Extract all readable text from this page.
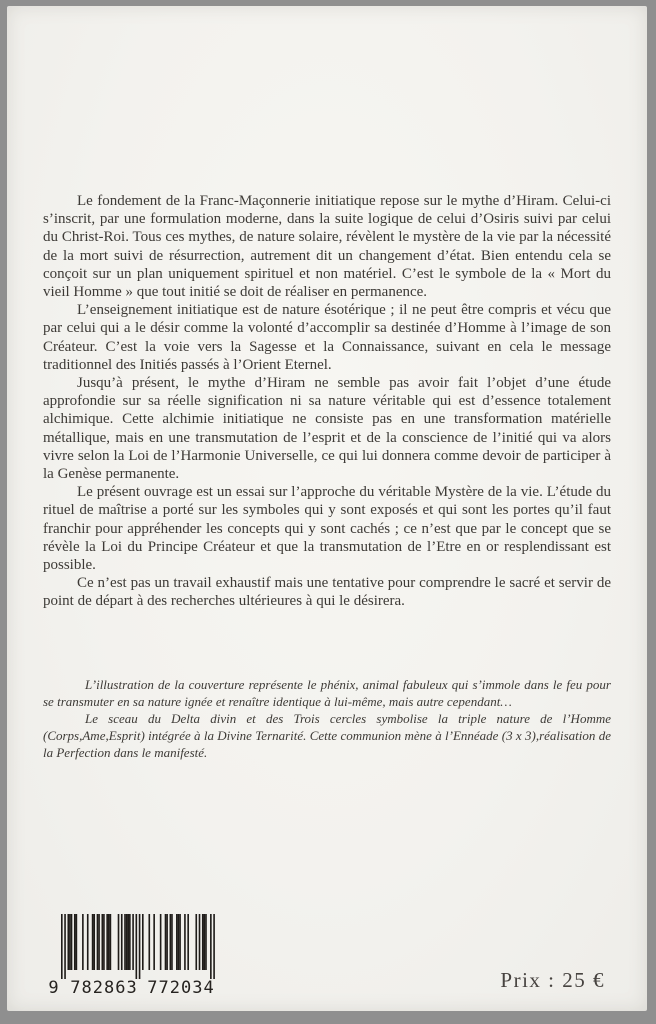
Le fondement de la Franc-Maçonnerie initiatique repose sur le mythe d’Hiram. Celui-ci s’inscrit, par une formulation moderne, dans la suite logique de celui d’Osiris suivi par celui du Christ-Roi. Tous ces mythes, de nature solaire, révèlent le mystère de la vie par la nécessité de la mort suivi de résurrection, autrement dit un changement d’état. Bien entendu cela se conçoit sur un plan uniquement spirituel et non matériel. C’est le symbole de la « Mort du vieil Homme » que tout initié se doit de réaliser en permanence.

L’enseignement initiatique est de nature ésotérique ; il ne peut être compris et vécu que par celui qui a le désir comme la volonté d’accomplir sa destinée d’Homme à l’image de son Créateur. C’est la voie vers la Sagesse et la Connaissance, suivant en cela le message traditionnel des Initiés passés à l’Orient Eternel.

Jusqu’à présent, le mythe d’Hiram ne semble pas avoir fait l’objet d’une étude approfondie sur sa réelle signification ni sa nature véritable qui est d’essence totalement alchimique. Cette alchimie initiatique ne consiste pas en une transformation matérielle métallique, mais en une transmutation de l’esprit et de la conscience de l’initié qui va alors vivre selon la Loi de l’Harmonie Universelle, ce qui lui donnera comme devoir de participer à la Genèse permanente.

Le présent ouvrage est un essai sur l’approche du véritable Mystère de la vie. L’étude du rituel de maîtrise a porté sur les symboles qui y sont exposés et qui sont les portes qu’il faut franchir pour appréhender les concepts qui y sont cachés ; ce n’est que par le concept que se révèle la Loi du Principe Créateur et que la transmutation de l’Etre en or resplendissant est possible.

Ce n’est pas un travail exhaustif mais une tentative pour comprendre le sacré et servir de point de départ à des recherches ultérieures à qui le désirera.

L’illustration de la couverture représente le phénix, animal fabuleux qui s’immole dans le feu pour se transmuter en sa nature ignée et renaître identique à lui-même, mais autre cependant…

Le sceau du Delta divin et des Trois cercles symbolise la triple nature de l’Homme (Corps,Ame,Esprit) intégrée à la Divine Ternarité. Cette communion mène à l’Ennéade (3 x 3),réalisation de la Perfection dans le manifesté.

9 782863 772034	Prix : 25 €
